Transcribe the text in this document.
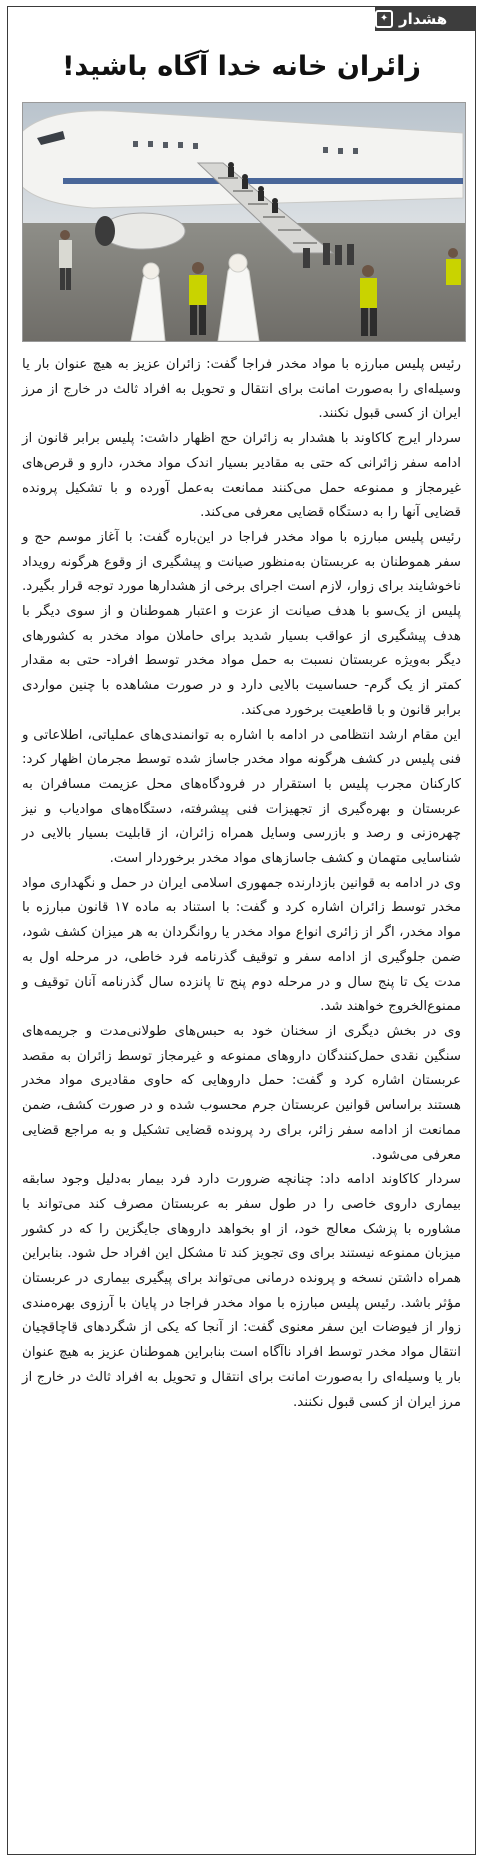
هشدار
✦
زائران خانه خدا آگاه باشید!

رئیس پلیس مبارزه با مواد مخدر فراجا گفت: زائران عزیز به هیچ عنوان بار یا وسیله‌ای را به‌صورت امانت برای انتقال و تحویل به افراد ثالث در خارج از مرز ایران از کسی قبول نکنند.

سردار ایرج کاکاوند با هشدار به زائران حج اظهار داشت: پلیس برابر قانون از ادامه سفر زائرانی که حتی به مقادیر بسیار اندک مواد مخدر، دارو و قرص‌های غیرمجاز و ممنوعه حمل می‌کنند ممانعت به‌عمل آورده و با تشکیل پرونده قضایی آنها را به دستگاه قضایی معرفی می‌کند.

رئیس پلیس مبارزه با مواد مخدر فراجا در این‌باره گفت: با آغاز موسم حج و سفر هموطنان به عربستان به‌منظور صیانت و پیشگیری از وقوع هرگونه رویداد ناخوشایند برای زوار، لازم است اجرای برخی از هشدارها مورد توجه قرار بگیرد. پلیس از یک‌سو با هدف صیانت از عزت و اعتبار هموطنان و از سوی دیگر با هدف پیشگیری از عواقب بسیار شدید برای حاملان مواد مخدر به کشورهای دیگر به‌ویژه عربستان نسبت به حمل مواد مخدر توسط افراد- حتی به مقدار کمتر از یک گرم- حساسیت بالایی دارد و در صورت مشاهده با چنین مواردی برابر قانون و با قاطعیت برخورد می‌کند.

این مقام ارشد انتظامی در ادامه با اشاره به توانمندی‌های عملیاتی، اطلاعاتی و فنی پلیس در کشف هرگونه مواد مخدر جاساز شده توسط مجرمان اظهار کرد: کارکنان مجرب پلیس با استقرار در فرودگاه‌های محل عزیمت مسافران به عربستان و بهره‌گیری از تجهیزات فنی پیشرفته، دستگاه‌های موادیاب و نیز چهره‌زنی و رصد و بازرسی وسایل همراه زائران، از قابلیت بسیار بالایی در شناسایی متهمان و کشف جاسازهای مواد مخدر برخوردار است.

وی در ادامه به قوانین بازدارنده جمهوری اسلامی ایران در حمل و نگهداری مواد مخدر توسط زائران اشاره کرد و گفت: با استناد به ماده ۱۷ قانون مبارزه با مواد مخدر، اگر از زائری انواع مواد مخدر یا روانگردان به هر میزان کشف شود، ضمن جلوگیری از ادامه سفر و توقیف گذرنامه فرد خاطی، در مرحله اول به مدت یک تا پنج سال و در مرحله دوم پنج تا پانزده سال گذرنامه آنان توقیف و ممنوع‌الخروج خواهند شد.

وی در بخش دیگری از سخنان خود به حبس‌های طولانی‌مدت و جریمه‌های سنگین نقدی حمل‌کنندگان داروهای ممنوعه و غیرمجاز توسط زائران به مقصد عربستان اشاره کرد و گفت: حمل داروهایی که حاوی مقادیری مواد مخدر هستند براساس قوانین عربستان جرم محسوب شده و در صورت کشف، ضمن ممانعت از ادامه سفر زائر، برای رد پرونده قضایی تشکیل و به مراجع قضایی معرفی می‌شود.

سردار کاکاوند ادامه داد: چنانچه ضرورت دارد فرد بیمار به‌دلیل وجود سابقه بیماری داروی خاصی را در طول سفر به عربستان مصرف کند می‌تواند با مشاوره با پزشک معالج خود، از او بخواهد داروهای جایگزین را که در کشور میزبان ممنوعه نیستند برای وی تجویز کند تا مشکل این افراد حل شود. بنابراین همراه داشتن نسخه و پرونده درمانی می‌تواند برای پیگیری بیماری در عربستان مؤثر باشد. رئیس پلیس مبارزه با مواد مخدر فراجا در پایان با آرزوی بهره‌مندی زوار از فیوضات این سفر معنوی گفت: از آنجا که یکی از شگردهای قاچاقچیان انتقال مواد مخدر توسط افراد ناآگاه است بنابراین هموطنان عزیز به هیچ عنوان بار یا وسیله‌ای را به‌صورت امانت برای انتقال و تحویل به افراد ثالث در خارج از مرز ایران از کسی قبول نکنند.
